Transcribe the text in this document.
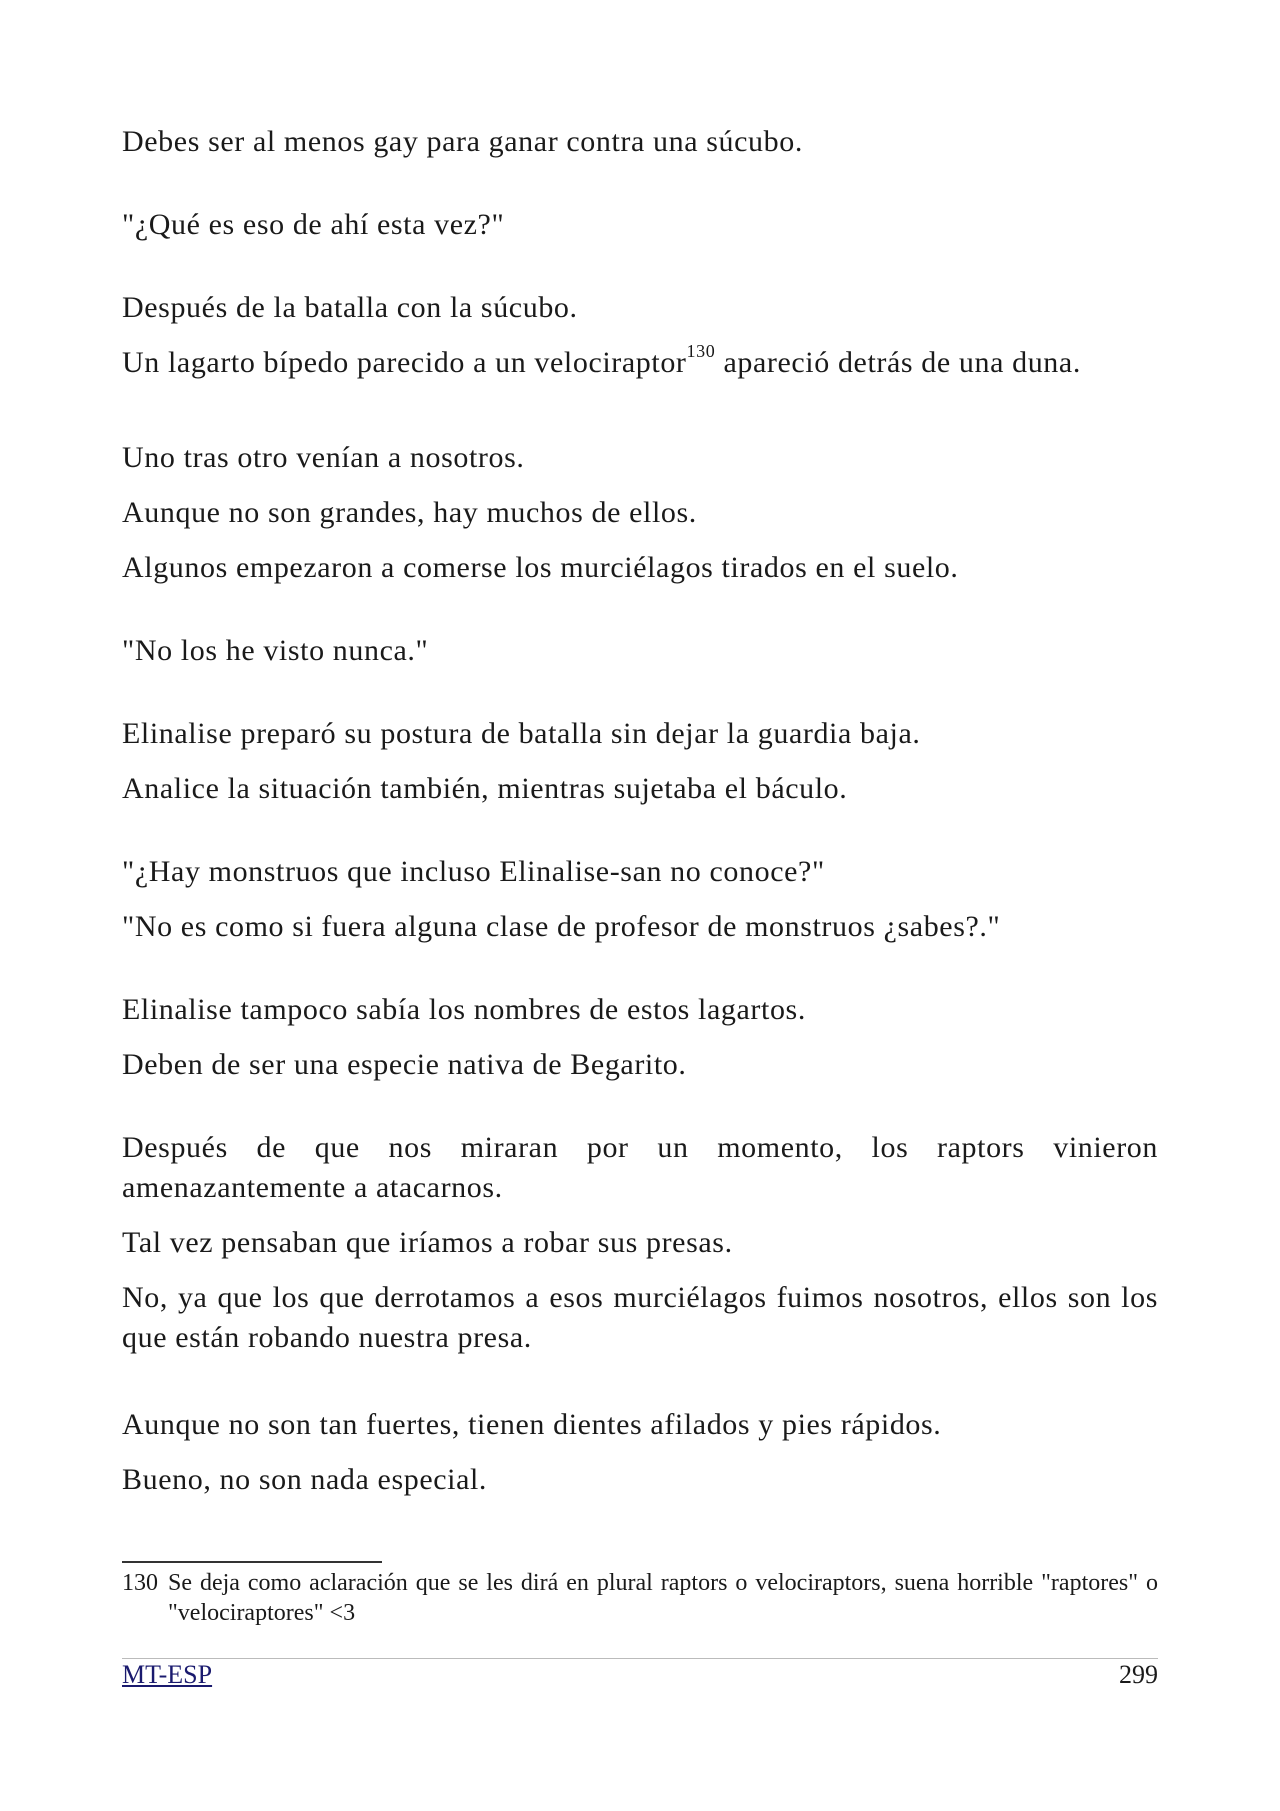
Debes ser al menos gay para ganar contra una súcubo.

"¿Qué es eso de ahí esta vez?"

Después de la batalla con la súcubo.

Un lagarto bípedo parecido a un velociraptor$^{130}$ apareció detrás de una duna.

Uno tras otro venían a nosotros.

Aunque no son grandes, hay muchos de ellos.

Algunos empezaron a comerse los murciélagos tirados en el suelo.

"No los he visto nunca."

Elinalise preparó su postura de batalla sin dejar la guardia baja.

Analice la situación también, mientras sujetaba el báculo.

"¿Hay monstruos que incluso Elinalise-san no conoce?"

"No es como si fuera alguna clase de profesor de monstruos ¿sabes?."

Elinalise tampoco sabía los nombres de estos lagartos.

Deben de ser una especie nativa de Begarito.

Después de que nos miraran por un momento, los raptors vinieron amenazantemente a atacarnos.

Tal vez pensaban que iríamos a robar sus presas.

No, ya que los que derrotamos a esos murciélagos fuimos nosotros, ellos son los que están robando nuestra presa.

Aunque no son tan fuertes, tienen dientes afilados y pies rápidos.

Bueno, no son nada especial.

130 Se deja como aclaración que se les dirá en plural raptors o velociraptors, suena horrible "raptores" o "velociraptores" <3
MT-ESP	299
